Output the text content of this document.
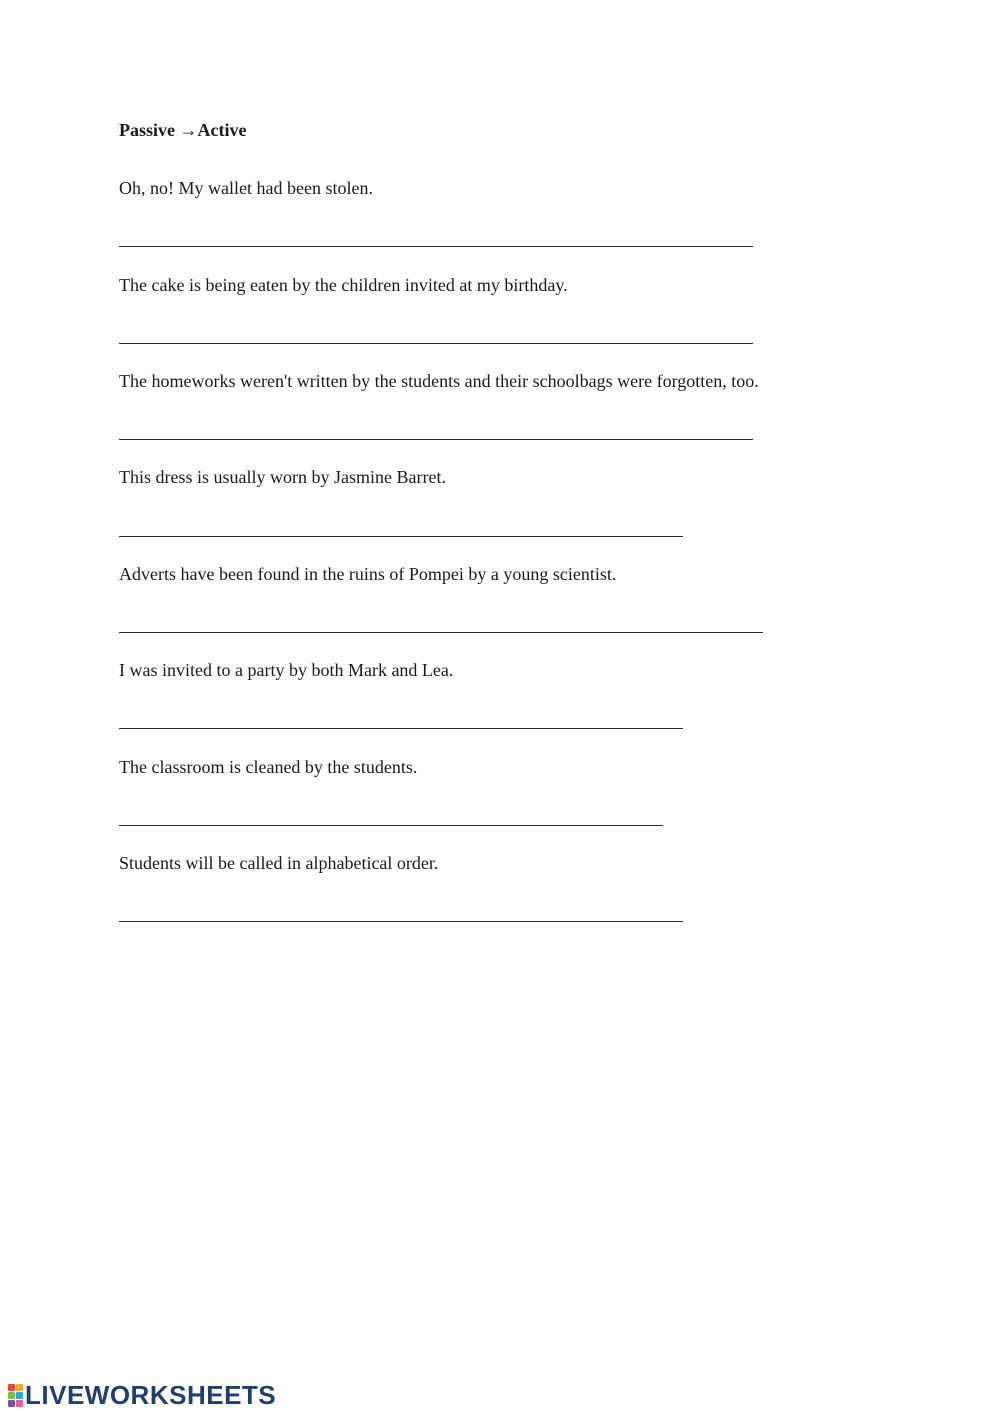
Passive →Active
Oh, no! My wallet had been stolen.
The cake is being eaten by the children invited at my birthday.
The homeworks weren't written by the students and their schoolbags were forgotten, too.
This dress is usually worn by Jasmine Barret.
Adverts have been found in the ruins of Pompei by a young scientist.
I was invited to a party by both Mark and Lea.
The classroom is cleaned by the students.
Students will be called in alphabetical order.
LIVEWORKSHEETS
